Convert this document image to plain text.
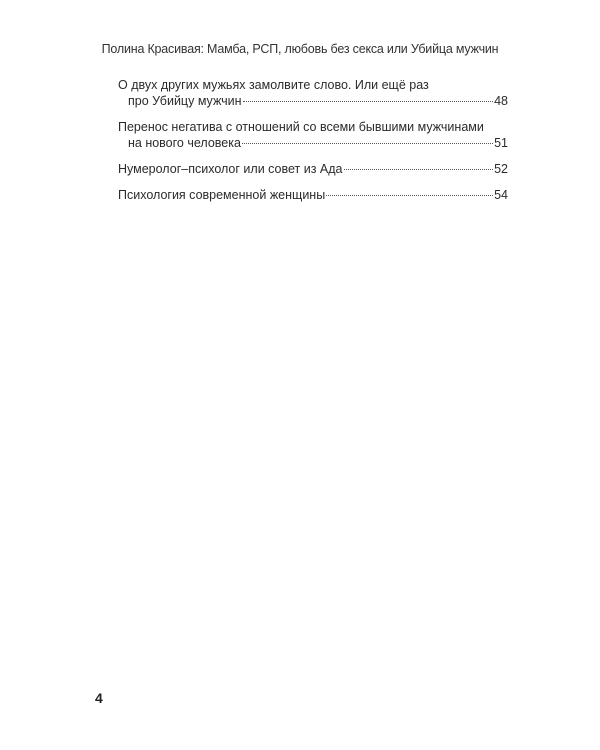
Полина Красивая: Мамба, РСП, любовь без секса или Убийца мужчин
О двух других мужьях замолвите слово. Или ещё раз
про Убийцу мужчин	48
Перенос негатива с отношений со всеми бывшими мужчинами
на нового человека	51
Нумеролог–психолог или совет из Ада	52
Психология современной женщины	54
4
